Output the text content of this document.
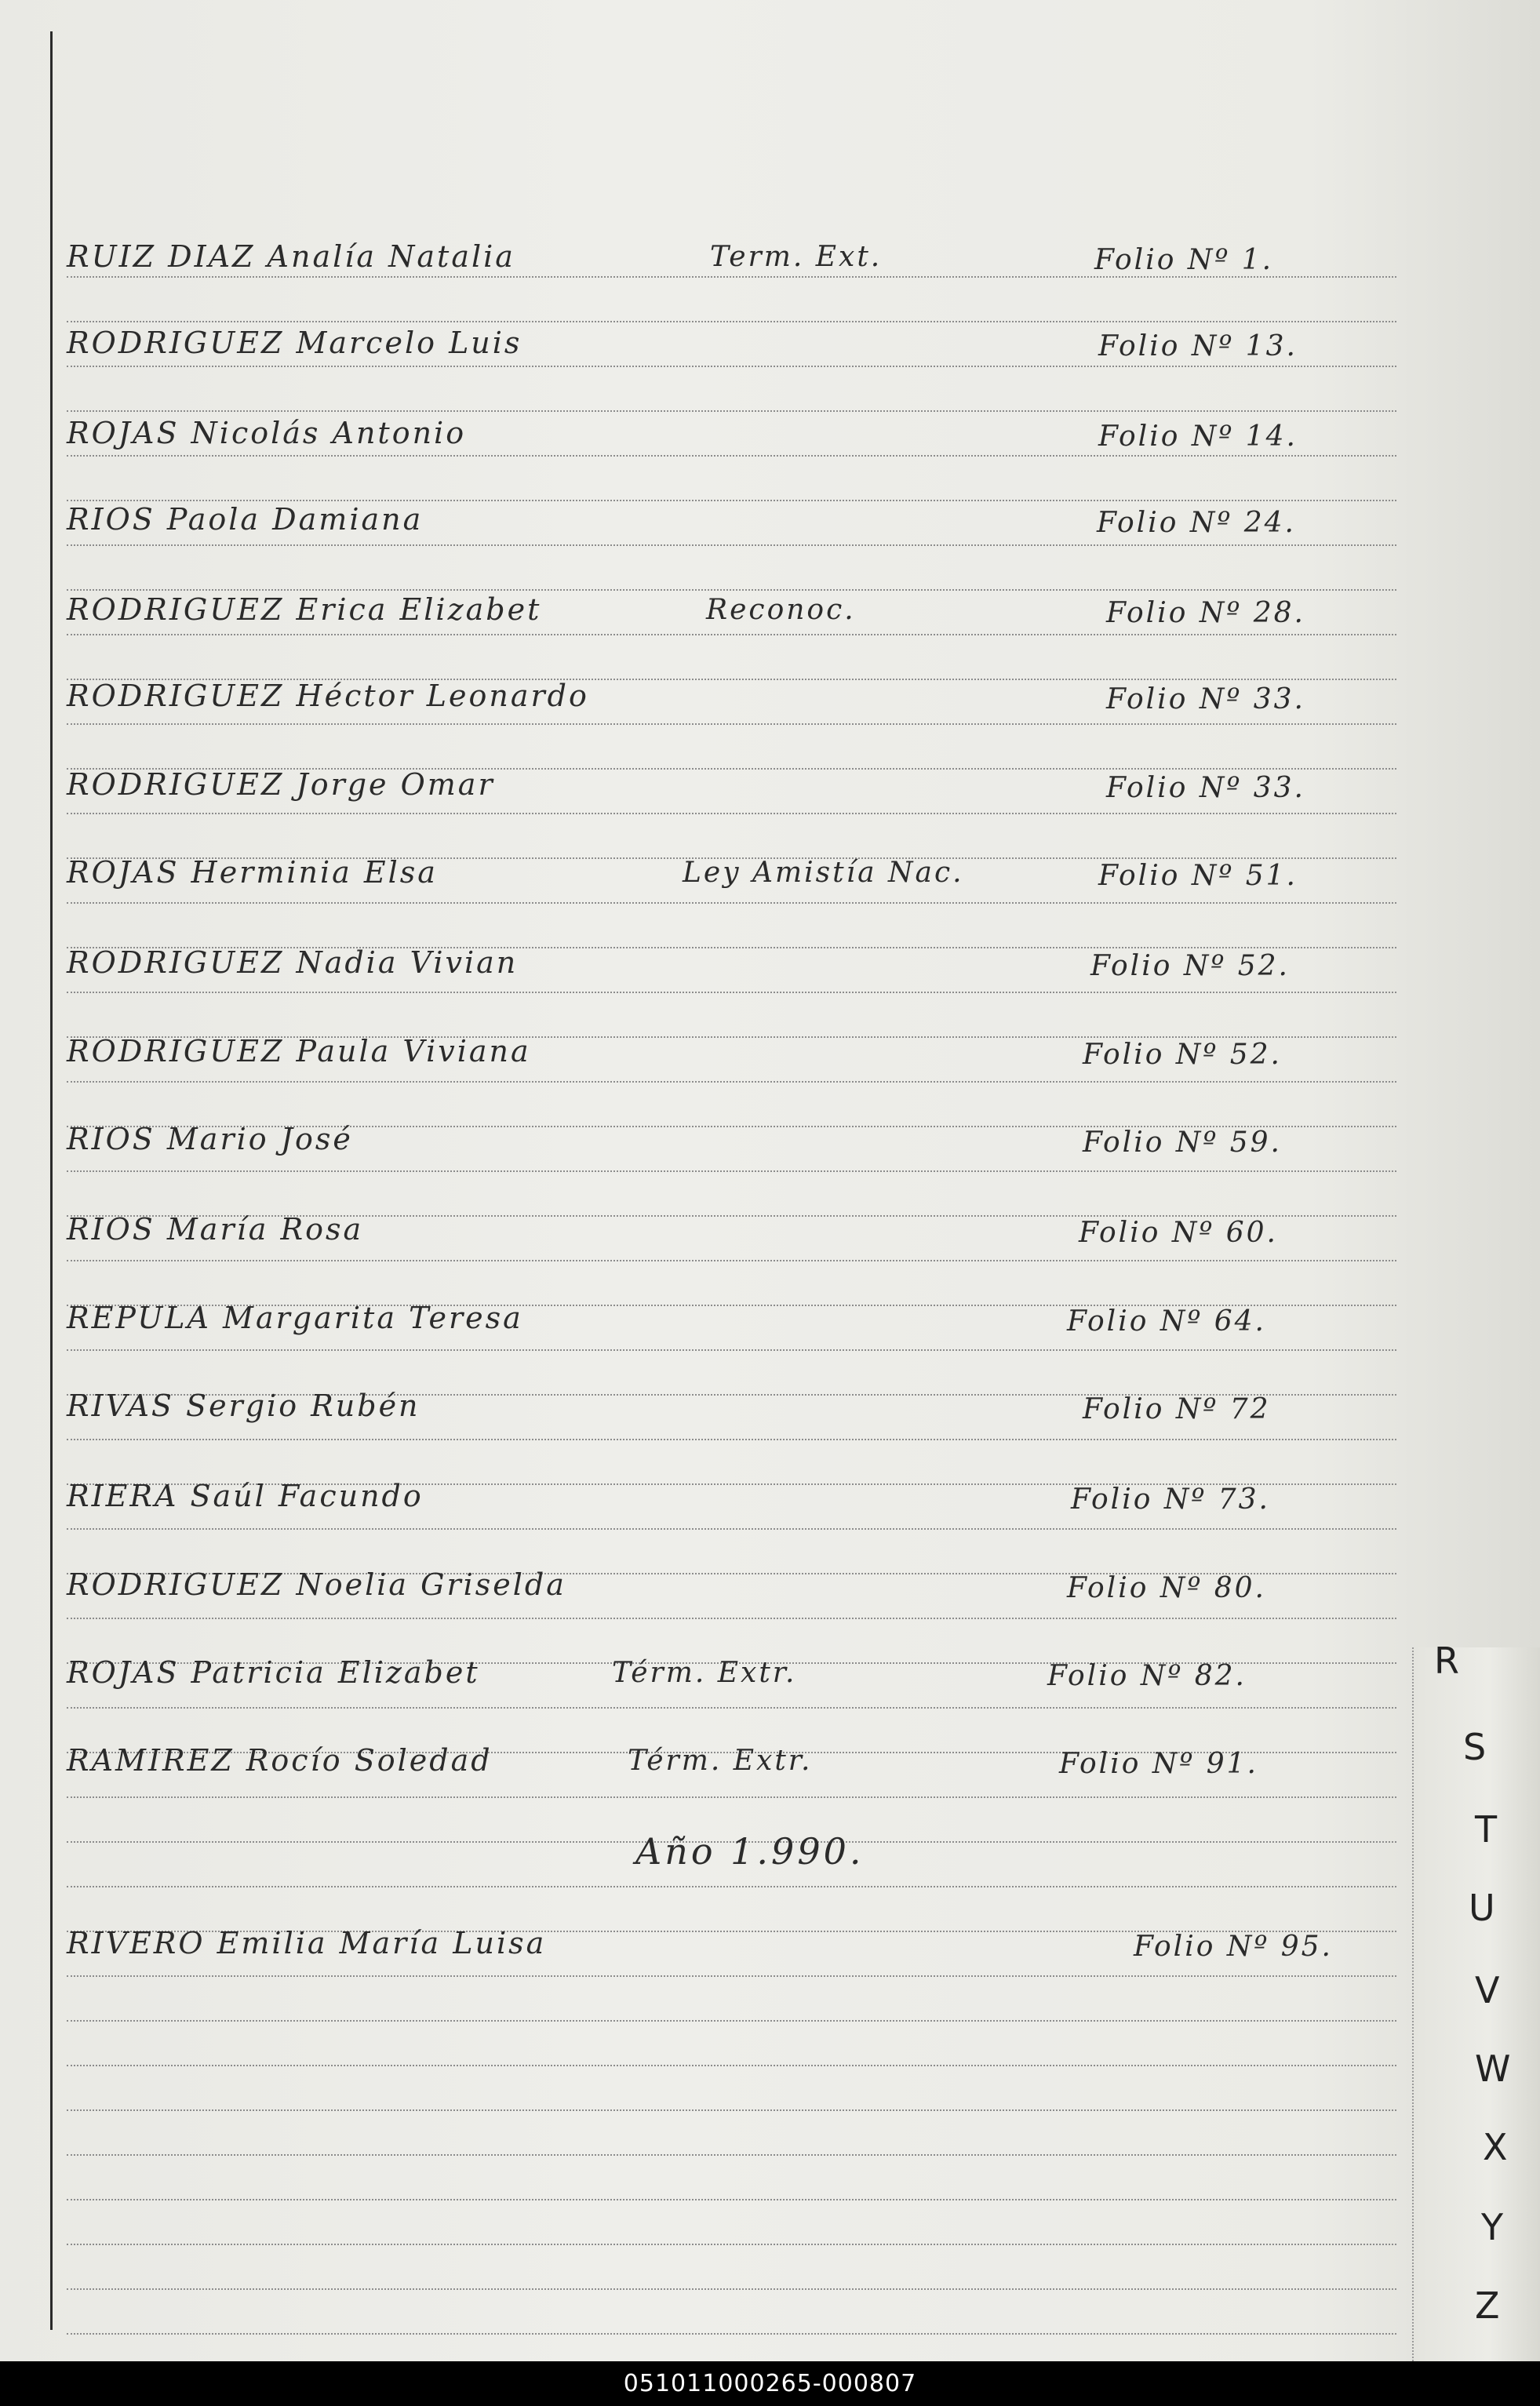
RUIZ DIAZ Analía Natalia	Term. Ext.	Folio Nº 1.
RODRIGUEZ Marcelo Luis	Folio Nº 13.
ROJAS Nicolás Antonio	Folio Nº 14.
RIOS Paola Damiana	Folio Nº 24.
RODRIGUEZ Erica Elizabet	Reconoc.	Folio Nº 28.
RODRIGUEZ Héctor Leonardo	Folio Nº 33.
RODRIGUEZ Jorge Omar	Folio Nº 33.
ROJAS Herminia Elsa	Ley Amistía Nac.	Folio Nº 51.
RODRIGUEZ Nadia Vivian	Folio Nº 52.
RODRIGUEZ Paula Viviana	Folio Nº 52.
RIOS Mario José	Folio Nº 59.
RIOS María Rosa	Folio Nº 60.
REPULA Margarita Teresa	Folio Nº 64.
RIVAS Sergio Rubén	Folio Nº 72
RIERA Saúl Facundo	Folio Nº 73.
RODRIGUEZ Noelia Griselda	Folio Nº 80.
ROJAS Patricia Elizabet	Térm. Extr.	Folio Nº 82.
RAMIREZ Rocío Soledad	Térm. Extr.	Folio Nº 91.
RIVERO Emilia María Luisa	Folio Nº 95.
Año 1.990.
R
S
T
U
V
W
X
Y
Z
051011000265-000807
